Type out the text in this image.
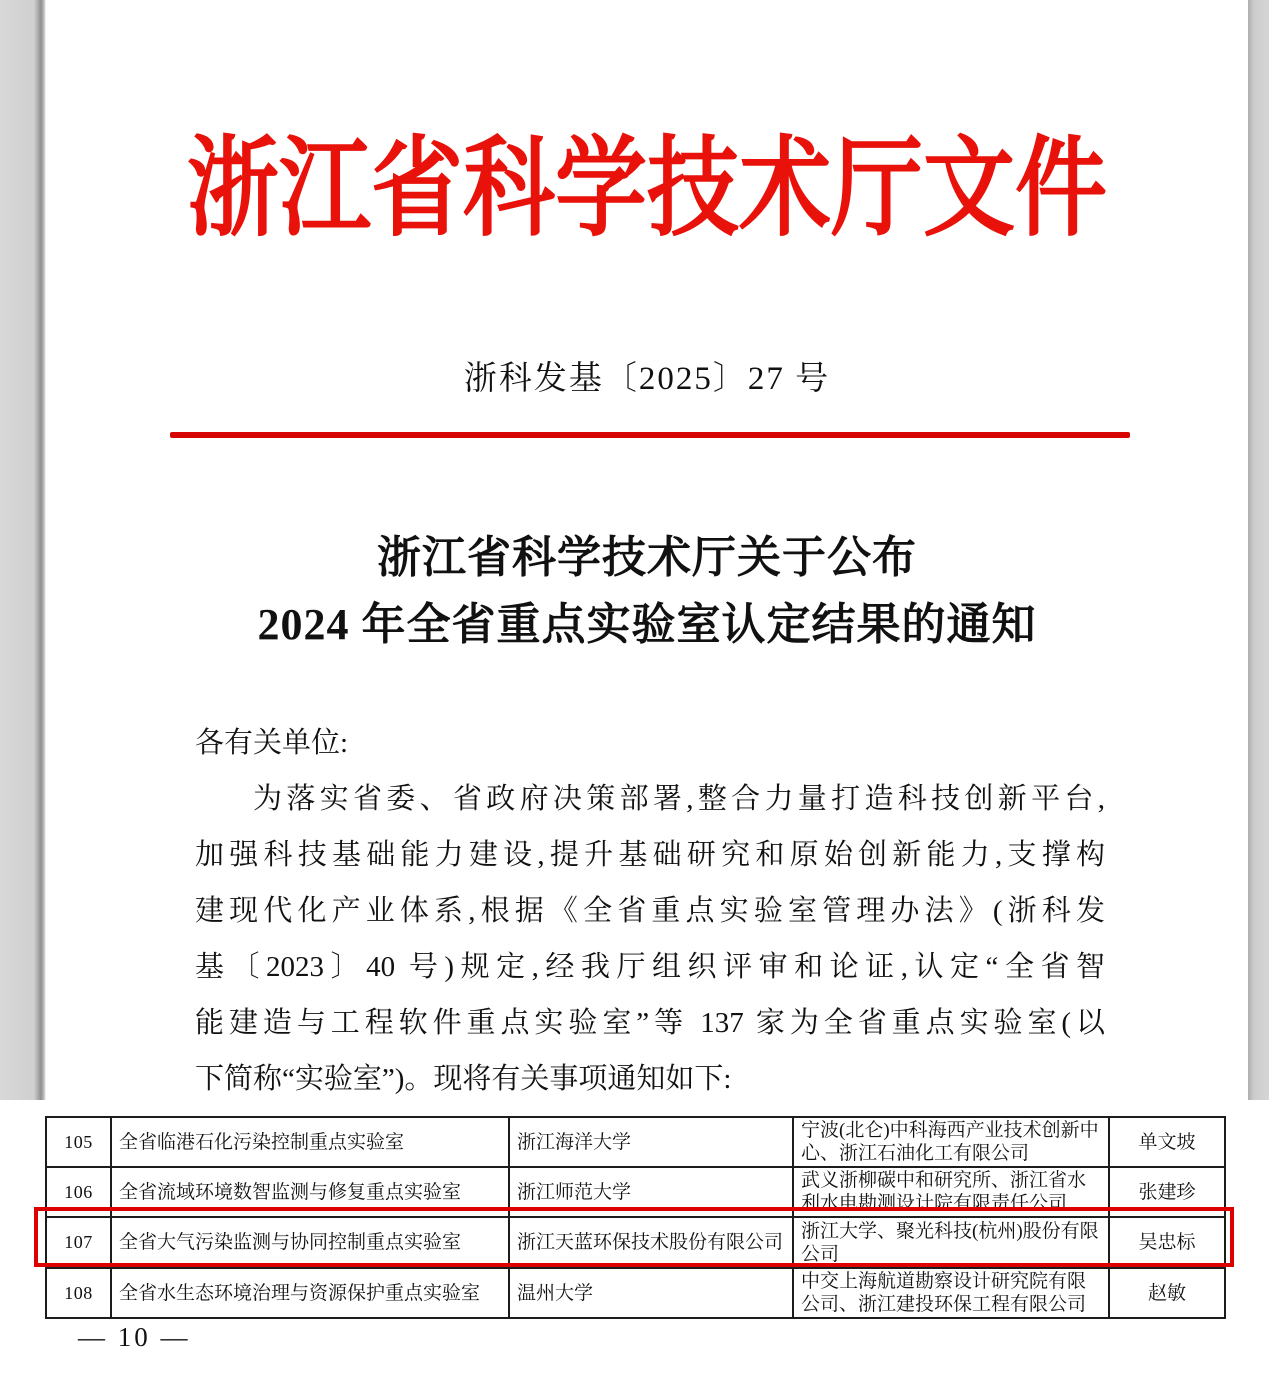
浙江省科学技术厅文件
浙科发基〔2025〕27 号
浙江省科学技术厅关于公布
2024 年全省重点实验室认定结果的通知
各有关单位:
为落实省委、省政府决策部署,整合力量打造科技创新平台,
加强科技基础能力建设,提升基础研究和原始创新能力,支撑构
建现代化产业体系,根据《全省重点实验室管理办法》(浙科发
基〔2023〕40 号)规定,经我厅组织评审和论证,认定“全省智
能建造与工程软件重点实验室”等 137 家为全省重点实验室(以
下简称“实验室”)。现将有关事项通知如下:
105	全省临港石化污染控制重点实验室	浙江海洋大学	宁波(北仑)中科海西产业技术创新中心、浙江石油化工有限公司	单文坡
106	全省流域环境数智监测与修复重点实验室	浙江师范大学	武义浙柳碳中和研究所、浙江省水利水电勘测设计院有限责任公司	张建珍
107	全省大气污染监测与协同控制重点实验室	浙江天蓝环保技术股份有限公司	浙江大学、聚光科技(杭州)股份有限公司	吴忠标
108	全省水生态环境治理与资源保护重点实验室	温州大学	中交上海航道勘察设计研究院有限公司、浙江建投环保工程有限公司	赵敏
— 10 —
